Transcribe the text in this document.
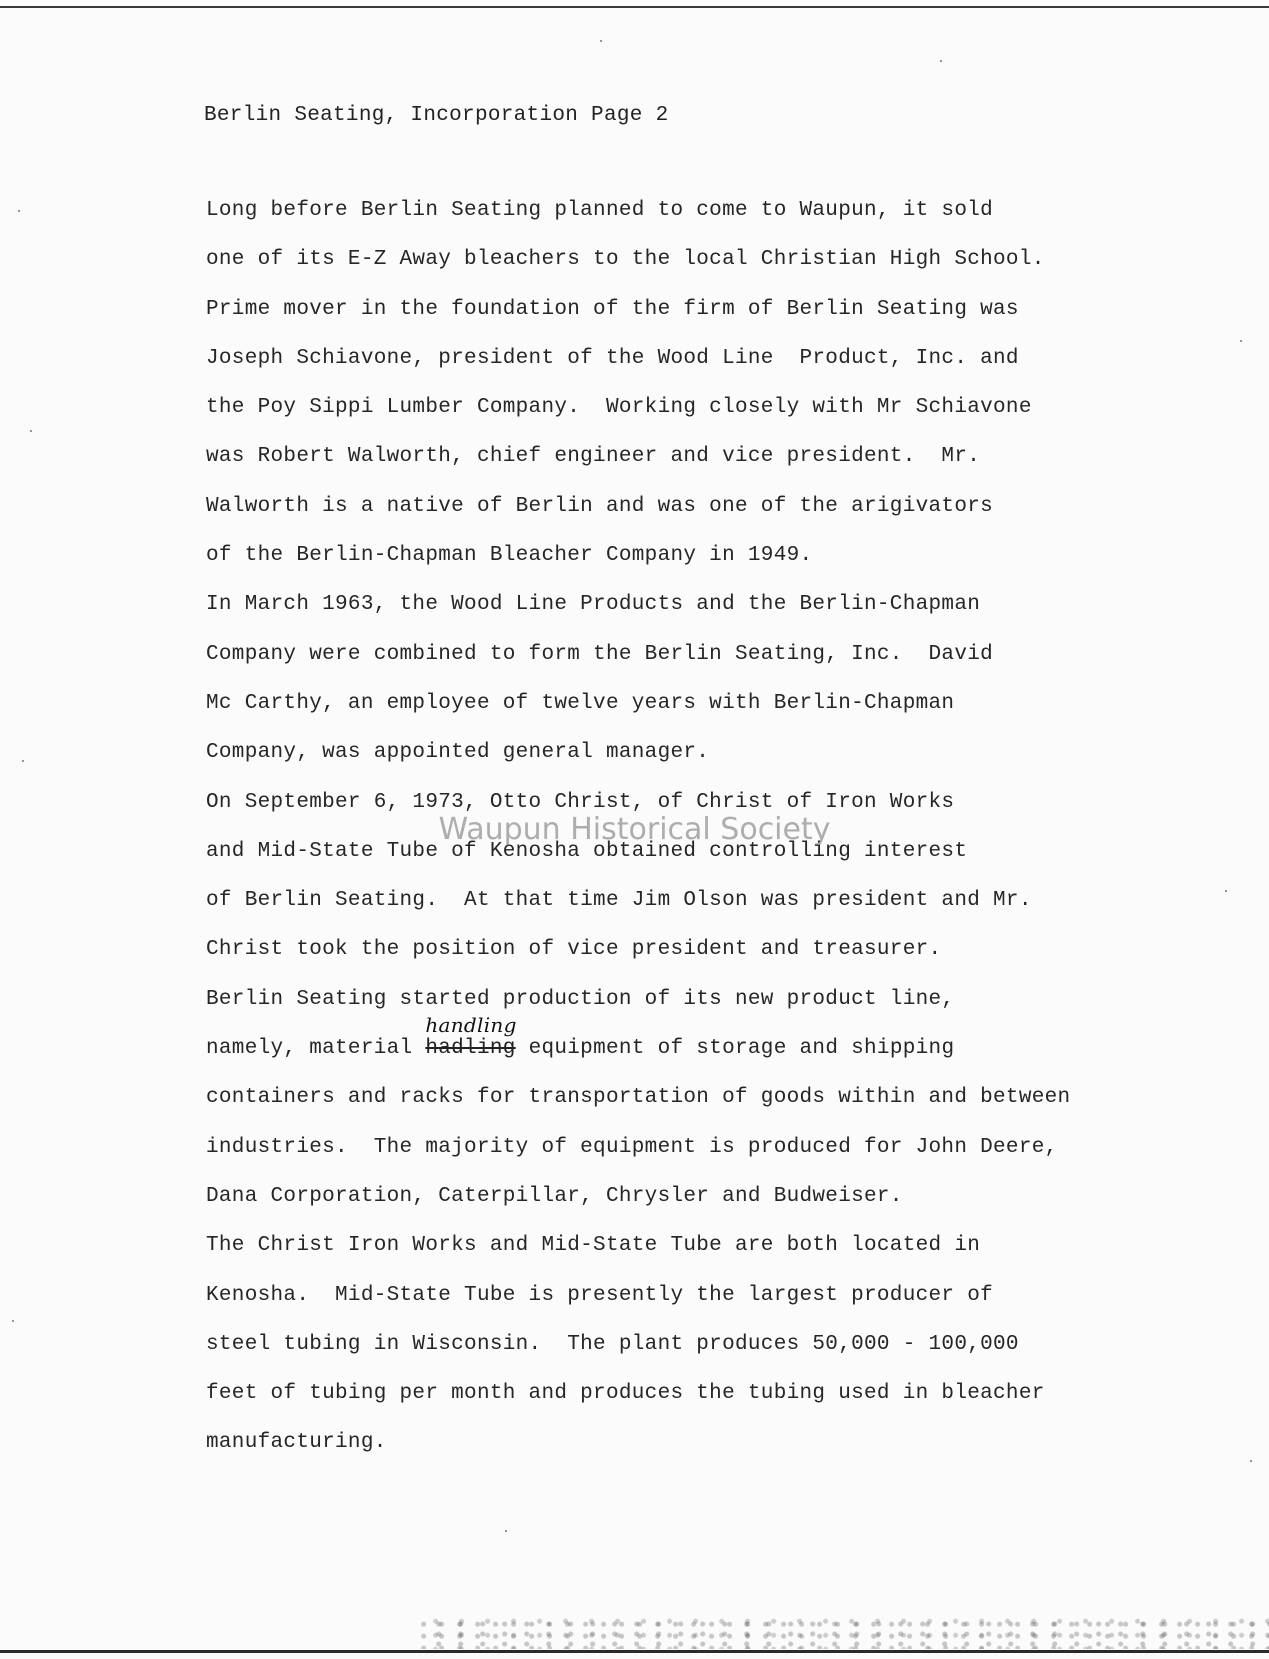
Berlin Seating, Incorporation Page 2
Long before Berlin Seating planned to come to Waupun, it sold
one of its E-Z Away bleachers to the local Christian High School.
Prime mover in the foundation of the firm of Berlin Seating was
Joseph Schiavone, president of the Wood Line  Product, Inc. and
the Poy Sippi Lumber Company.  Working closely with Mr Schiavone
was Robert Walworth, chief engineer and vice president.  Mr.
Walworth is a native of Berlin and was one of the arigivators
of the Berlin-Chapman Bleacher Company in 1949.
In March 1963, the Wood Line Products and the Berlin-Chapman
Company were combined to form the Berlin Seating, Inc.  David
Mc Carthy, an employee of twelve years with Berlin-Chapman
Company, was appointed general manager.
On September 6, 1973, Otto Christ, of Christ of Iron Works
and Mid-State Tube of Kenosha obtained controlling interest
of Berlin Seating.  At that time Jim Olson was president and Mr.
Christ took the position of vice president and treasurer.
Berlin Seating started production of its new product line,
namely, material hadling
handling
equipment of storage and shipping
containers and racks for transportation of goods within and between
industries.  The majority of equipment is produced for John Deere,
Dana Corporation, Caterpillar, Chrysler and Budweiser.
The Christ Iron Works and Mid-State Tube are both located in
Kenosha.  Mid-State Tube is presently the largest producer of
steel tubing in Wisconsin.  The plant produces 50,000 - 100,000
feet of tubing per month and produces the tubing used in bleacher
manufacturing.
Waupun Historical Society
